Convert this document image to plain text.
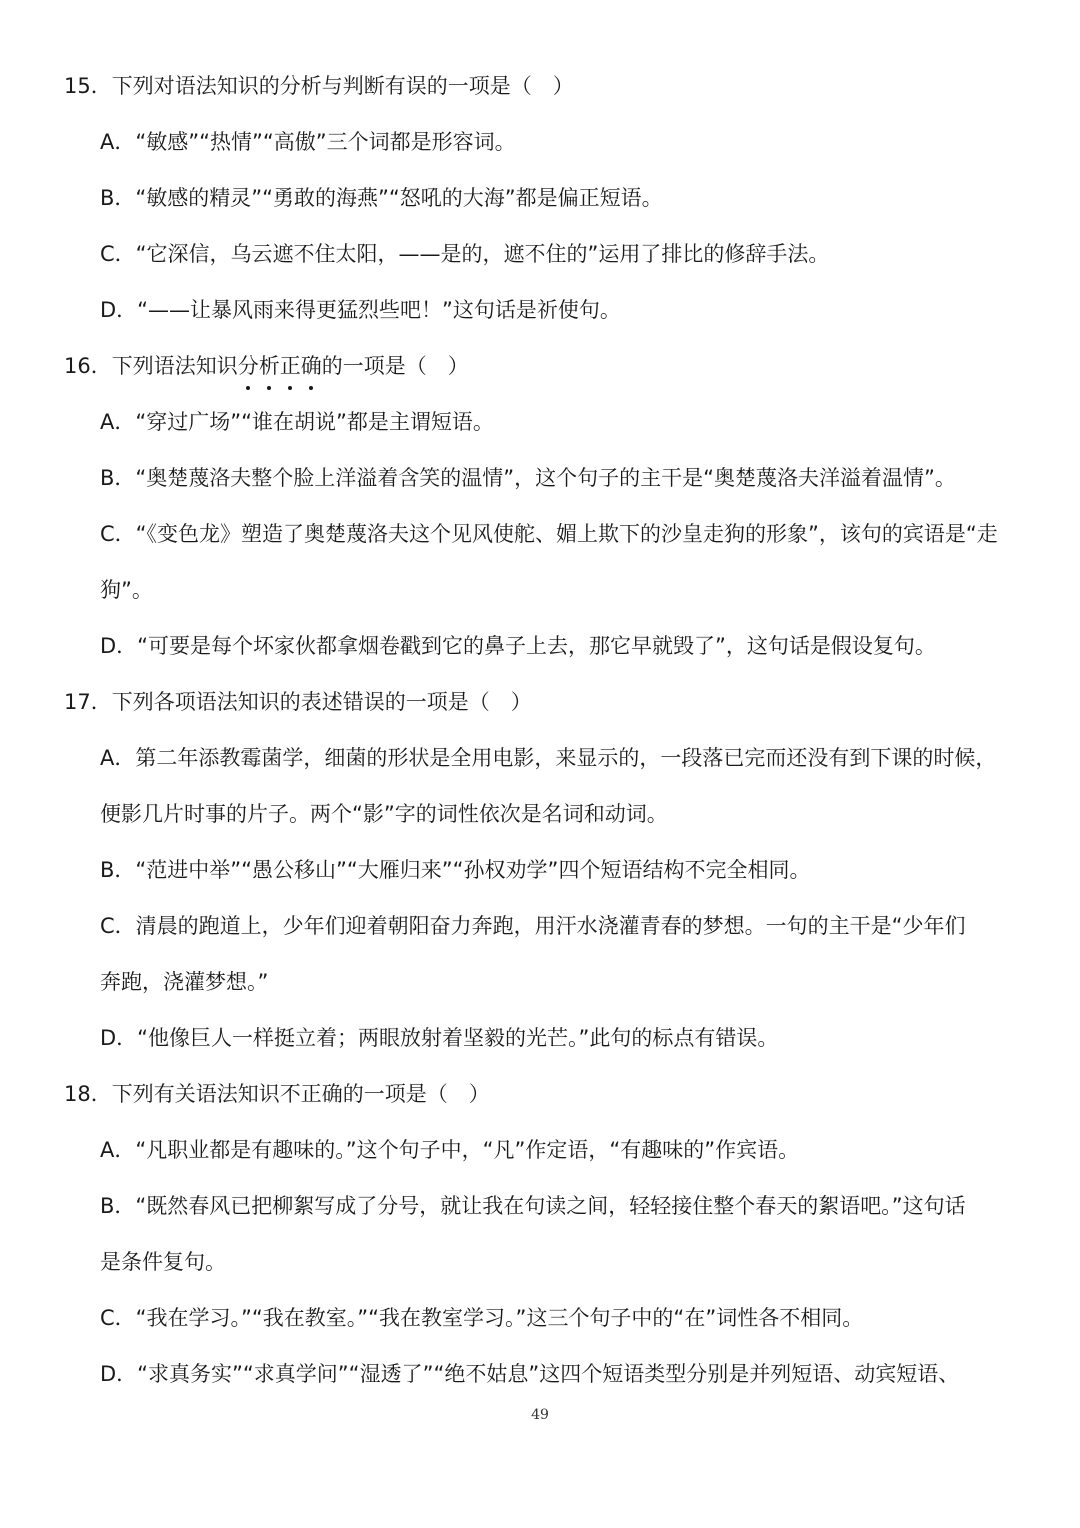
15．下列对语法知识的分析与判断有误的一项是（　）
A．“敏感”“热情”“高傲”三个词都是形容词。
B．“敏感的精灵”“勇敢的海燕”“怒吼的大海”都是偏正短语。
C．“它深信，乌云遮不住太阳，——是的，遮不住的”运用了排比的修辞手法。
D．“——让暴风雨来得更猛烈些吧！”这句话是祈使句。
16．下列语法知识分析正确的一项是（　）
A．“穿过广场”“谁在胡说”都是主谓短语。
B．“奥楚蔑洛夫整个脸上洋溢着含笑的温情”，这个句子的主干是“奥楚蔑洛夫洋溢着温情”。
C．“《变色龙》塑造了奥楚蔑洛夫这个见风使舵、媚上欺下的沙皇走狗的形象”，该句的宾语是“走
狗”。
D．“可要是每个坏家伙都拿烟卷戳到它的鼻子上去，那它早就毁了”，这句话是假设复句。
17．下列各项语法知识的表述错误的一项是（　）
A．第二年添教霉菌学，细菌的形状是全用电影，来显示的，一段落已完而还没有到下课的时候，
便影几片时事的片子。两个“影”字的词性依次是名词和动词。
B．“范进中举”“愚公移山”“大雁归来”“孙权劝学”四个短语结构不完全相同。
C．清晨的跑道上，少年们迎着朝阳奋力奔跑，用汗水浇灌青春的梦想。一句的主干是“少年们
奔跑，浇灌梦想。”
D．“他像巨人一样挺立着；两眼放射着坚毅的光芒。”此句的标点有错误。
18．下列有关语法知识不正确的一项是（　）
A．“凡职业都是有趣味的。”这个句子中，“凡”作定语，“有趣味的”作宾语。
B．“既然春风已把柳絮写成了分号，就让我在句读之间，轻轻接住整个春天的絮语吧。”这句话
是条件复句。
C．“我在学习。”“我在教室。”“我在教室学习。”这三个句子中的“在”词性各不相同。
D．“求真务实”“求真学问”“湿透了”“绝不姑息”这四个短语类型分别是并列短语、动宾短语、
49
